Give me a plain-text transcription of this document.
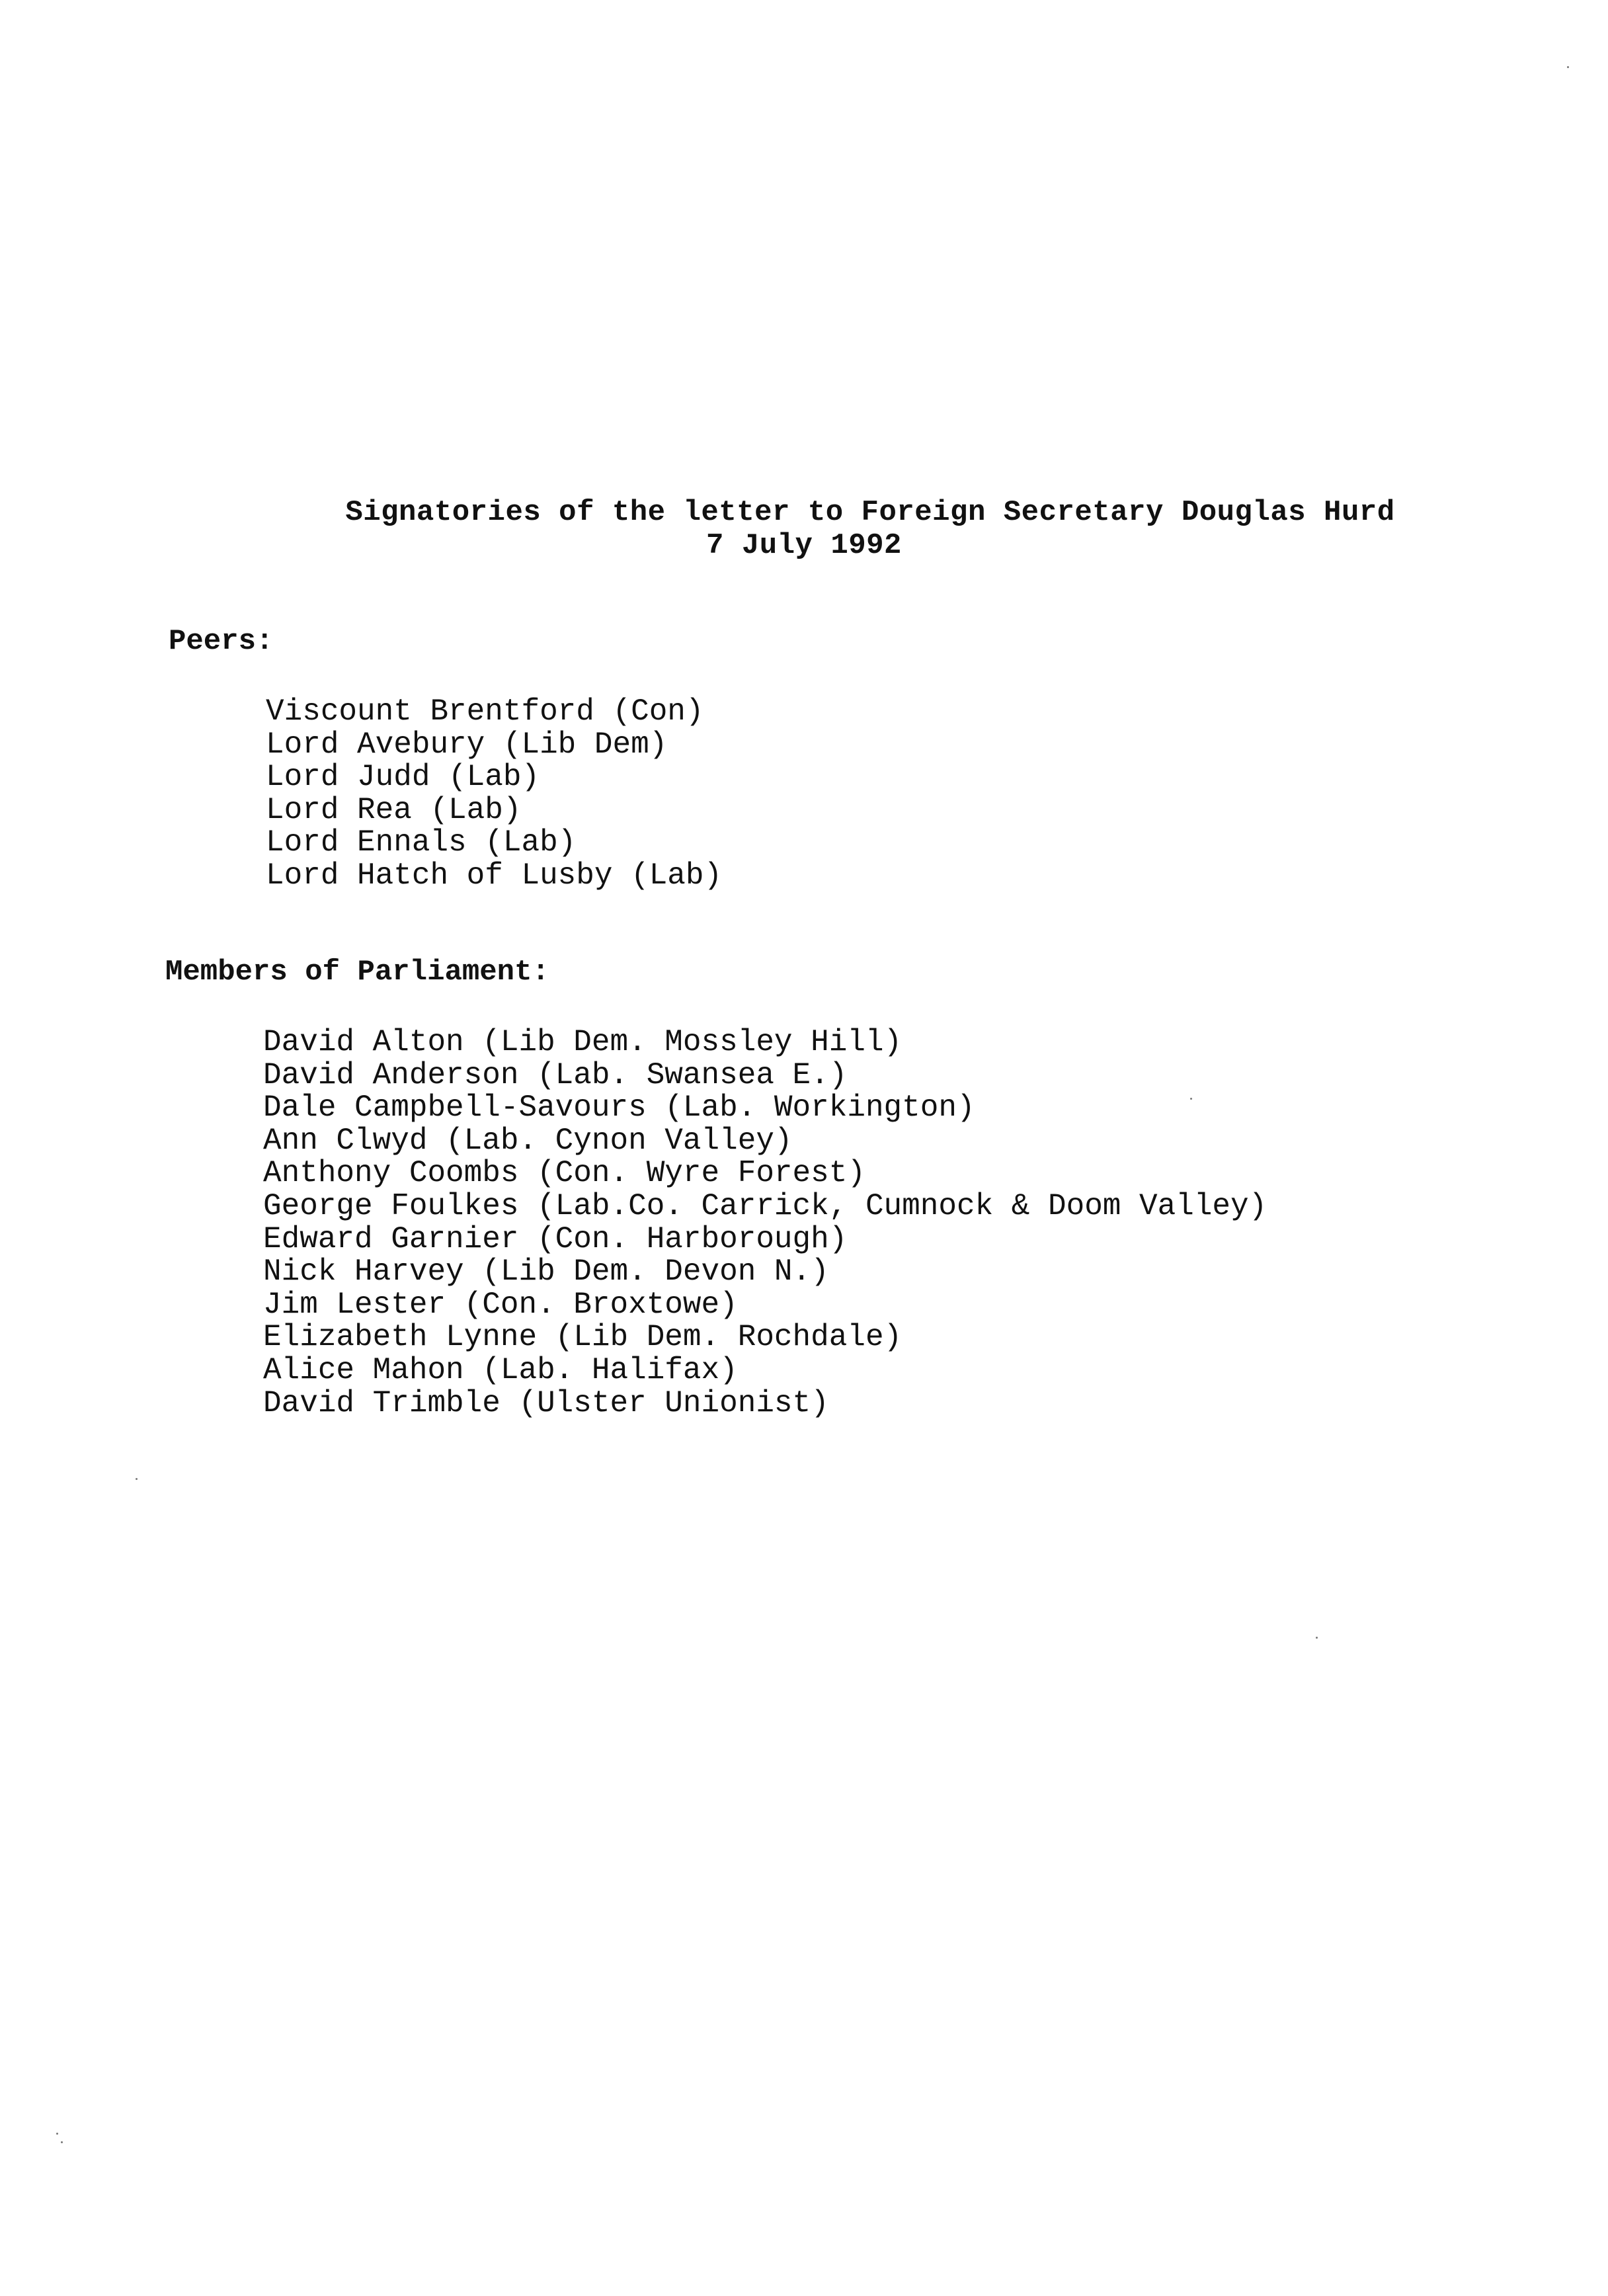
Signatories of the letter to Foreign Secretary Douglas Hurd
7 July 1992
Peers:
Viscount Brentford (Con)
Lord Avebury (Lib Dem)
Lord Judd (Lab)
Lord Rea (Lab)
Lord Ennals (Lab)
Lord Hatch of Lusby (Lab)
Members of Parliament:
David Alton (Lib Dem. Mossley Hill)
David Anderson (Lab. Swansea E.)
Dale Campbell-Savours (Lab. Workington)
Ann Clwyd (Lab. Cynon Valley)
Anthony Coombs (Con. Wyre Forest)
George Foulkes (Lab.Co. Carrick, Cumnock & Doom Valley)
Edward Garnier (Con. Harborough)
Nick Harvey (Lib Dem. Devon N.)
Jim Lester (Con. Broxtowe)
Elizabeth Lynne (Lib Dem. Rochdale)
Alice Mahon (Lab. Halifax)
David Trimble (Ulster Unionist)
